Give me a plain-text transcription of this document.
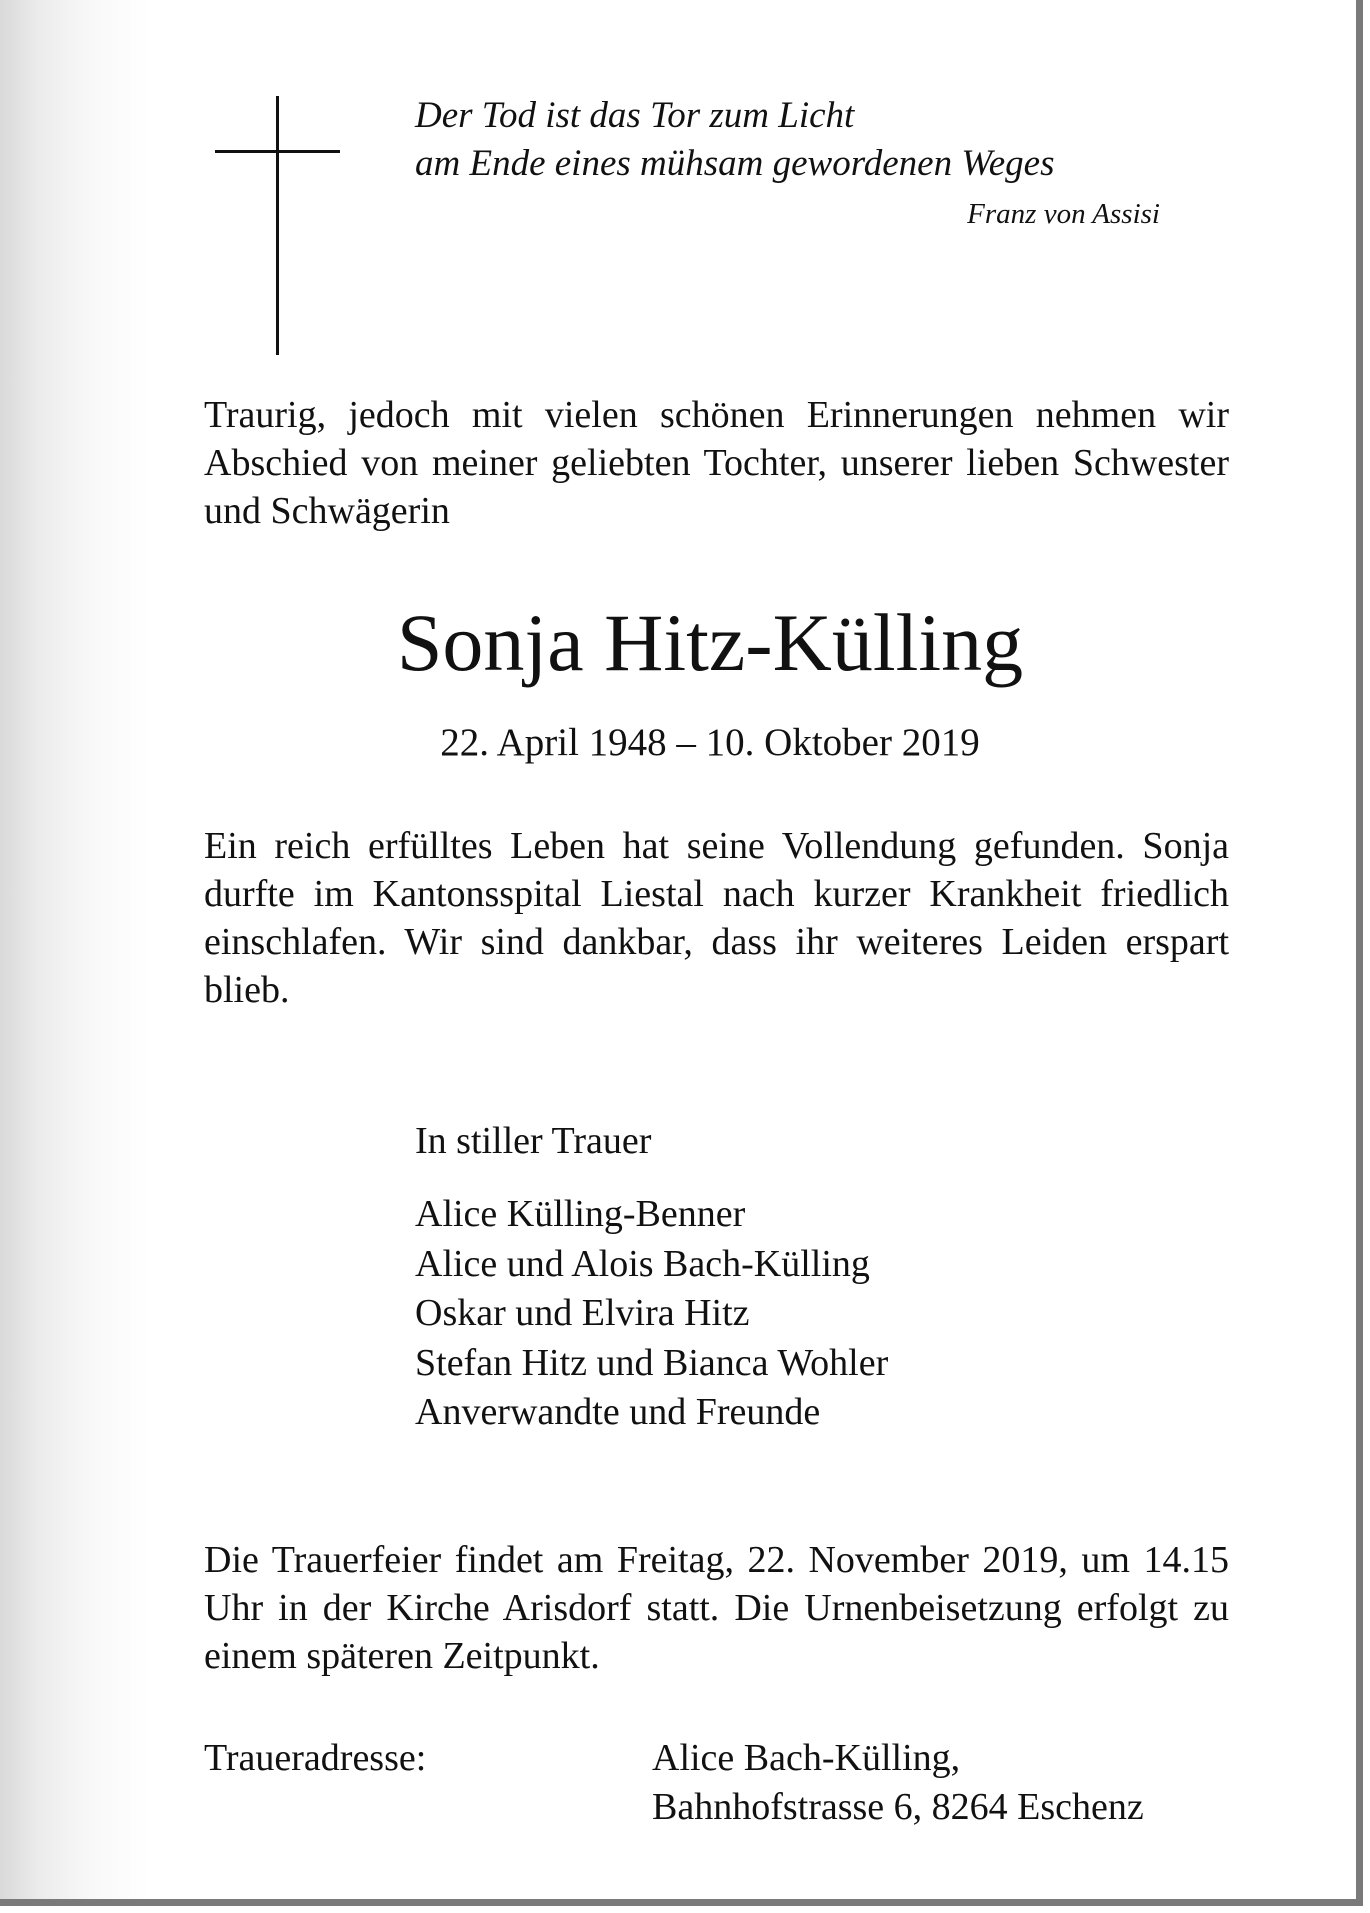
Der Tod ist das Tor zum Licht
am Ende eines mühsam gewordenen Weges
Franz von Assisi

Traurig, jedoch mit vielen schönen Erinnerungen nehmen wir Abschied von meiner geliebten Tochter, unserer lieben Schwester und Schwägerin

Sonja Hitz-Külling
22. April 1948 – 10. Oktober 2019

Ein reich erfülltes Leben hat seine Vollendung gefunden. Sonja durfte im Kantonsspital Liestal nach kurzer Krankheit friedlich einschlafen. Wir sind dankbar, dass ihr weiteres Leiden erspart blieb.

In stiller Trauer
Alice Külling-Benner
Alice und Alois Bach-Külling
Oskar und Elvira Hitz
Stefan Hitz und Bianca Wohler
Anverwandte und Freunde

Die Trauerfeier findet am Freitag, 22. November 2019, um 14.15 Uhr in der Kirche Arisdorf statt. Die Urnenbeisetzung erfolgt zu einem späteren Zeitpunkt.

Traueradresse:	Alice Bach-Külling,
Bahnhofstrasse 6, 8264 Eschenz
